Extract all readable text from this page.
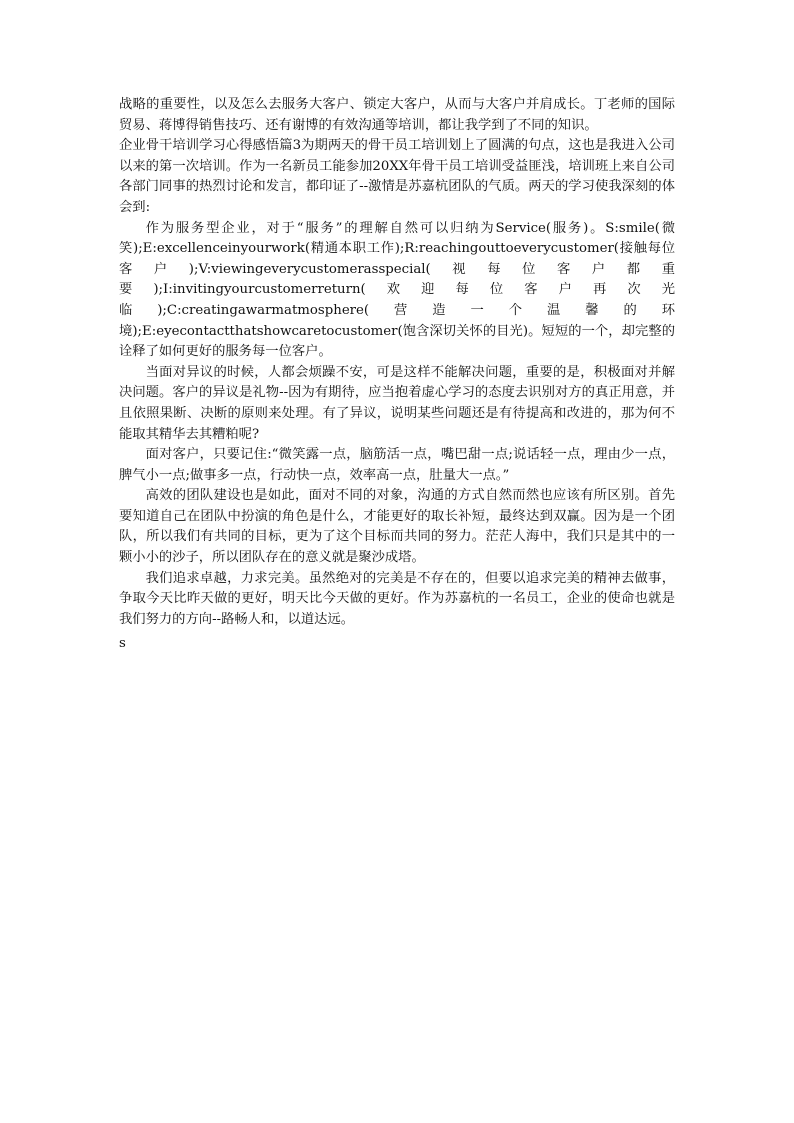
战略的重要性，以及怎么去服务大客户、锁定大客户，从而与大客户并肩成长。丁老师的国际贸易、蒋博得销售技巧、还有谢博的有效沟通等培训，都让我学到了不同的知识。

企业骨干培训学习心得感悟篇3为期两天的骨干员工培训划上了圆满的句点，这也是我进入公司以来的第一次培训。作为一名新员工能参加20XX年骨干员工培训受益匪浅，培训班上来自公司各部门同事的热烈讨论和发言，都印证了--激情是苏嘉杭团队的气质。两天的学习使我深刻的体会到:

作为服务型企业，对于“服务”的理解自然可以归纳为Service(服务)。S:smile(微笑);E:excellenceinyourwork(精通本职工作);R:reachingouttoeverycustomer(接触每位客户);V:viewingeverycustomerasspecial(视每位客户都重要);I:invitingyourcustomerreturn(欢迎每位客户再次光临);C:creatingawarmatmosphere(营造一个温馨的环境);E:eyecontactthatshowcaretocustomer(饱含深切关怀的目光)。短短的一个，却完整的诠释了如何更好的服务每一位客户。

当面对异议的时候，人都会烦躁不安，可是这样不能解决问题，重要的是，积极面对并解决问题。客户的异议是礼物--因为有期待，应当抱着虚心学习的态度去识别对方的真正用意，并且依照果断、决断的原则来处理。有了异议，说明某些问题还是有待提高和改进的，那为何不能取其精华去其糟粕呢?

面对客户，只要记住:“微笑露一点，脑筋活一点，嘴巴甜一点;说话轻一点，理由少一点，脾气小一点;做事多一点，行动快一点，效率高一点，肚量大一点。”

高效的团队建设也是如此，面对不同的对象，沟通的方式自然而然也应该有所区别。首先要知道自己在团队中扮演的角色是什么，才能更好的取长补短，最终达到双赢。因为是一个团队，所以我们有共同的目标，更为了这个目标而共同的努力。茫茫人海中，我们只是其中的一颗小小的沙子，所以团队存在的意义就是聚沙成塔。

我们追求卓越，力求完美。虽然绝对的完美是不存在的，但要以追求完美的精神去做事，争取今天比昨天做的更好，明天比今天做的更好。作为苏嘉杭的一名员工，企业的使命也就是我们努力的方向--路畅人和，以道达远。

s
